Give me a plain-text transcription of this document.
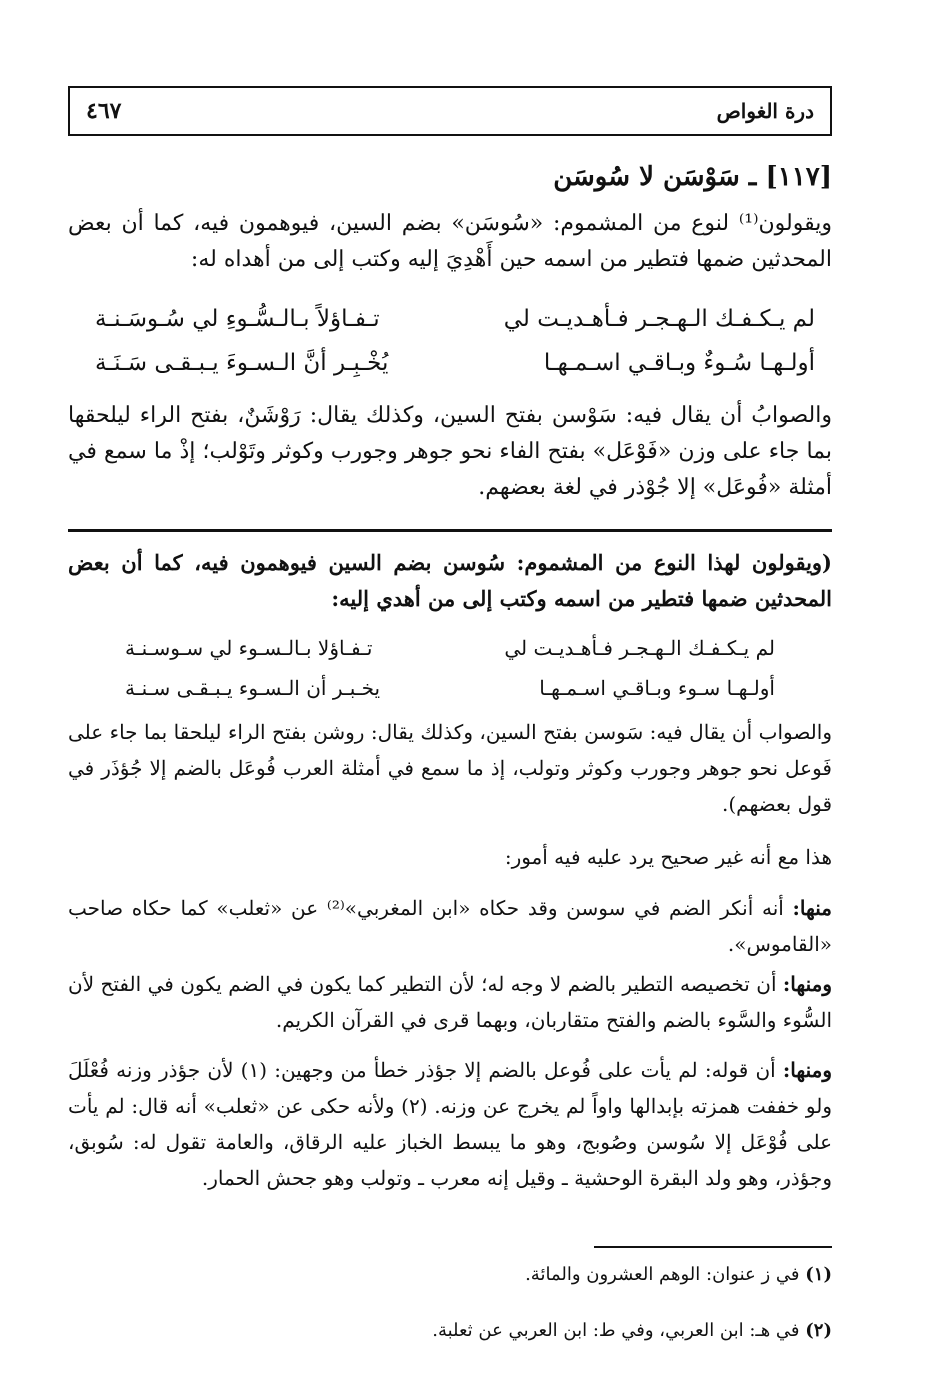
درة الغواص
٤٦٧
[١١٧] ـ سَوْسَن لا سُوسَن
ويقولون⁽¹⁾ لنوع من المشموم: «سُوسَن» بضم السين، فيوهمون فيه، كما أن بعض المحدثين ضمها فتطير من اسمه حين أَهْدِيَ إليه وكتب إلى من أهداه له:
لم يـكـفـك الـهـجـر فـأهـديـت لي
تـفـاؤلاً بـالـسُّـوءِ لي سُـوسَـنـة
أولـهـا سُـوءٌ وبـاقـي اسـمـهـا
يُخْـبِـر أنَّ الـسـوءَ يـبـقـى سَـنَـة
والصوابُ أن يقال فيه: سَوْسن بفتح السين، وكذلك يقال: رَوْشَنٌ، بفتح الراء ليلحقها بما جاء على وزن «فَوْعَل» بفتح الفاء نحو جوهر وجورب وكوثر وتَوْلب؛ إذْ ما سمع في أمثلة «فُوعَل» إلا جُوْذر في لغة بعضهم.
(ويقولون لهذا النوع من المشموم: سُوسن بضم السين فيوهمون فيه، كما أن بعض المحدثين ضمها فتطير من اسمه وكتب إلى من أهدي إليه:
لم يـكـفـك الـهـجـر فـأهـديـت لي
تـفـاؤلا بـالـسـوء لي سـوسـنـة
أولـهـا سـوء وبـاقـي اسـمـهـا
يخـبـر أن الـسـوء يـبـقـى سـنـة
والصواب أن يقال فيه: سَوسن بفتح السين، وكذلك يقال: روشن بفتح الراء ليلحقا بما جاء على فَوعل نحو جوهر وجورب وكوثر وتولب، إذ ما سمع في أمثلة العرب فُوعَل بالضم إلا جُؤذَر في قول بعضهم).
هذا مع أنه غير صحيح يرد عليه فيه أمور:
منها: أنه أنكر الضم في سوسن وقد حكاه «ابن المغربي»⁽²⁾ عن «ثعلب» كما حكاه صاحب «القاموس».
ومنها: أن تخصيصه التطير بالضم لا وجه له؛ لأن التطير كما يكون في الضم يكون في الفتح لأن السُّوء والسَّوء بالضم والفتح متقاربان، وبهما قرى في القرآن الكريم.
ومنها: أن قوله: لم يأت على فُوعل بالضم إلا جؤذر خطأ من وجهين: (١) لأن جؤذر وزنه فُعْلَلَ ولو خففت همزته بإبدالها واواً لم يخرج عن وزنه. (٢) ولأنه حكى عن «ثعلب» أنه قال: لم يأت على فُوْعَل إلا سُوسن وصُوبج، وهو ما يبسط الخباز عليه الرقاق، والعامة تقول له: سُوبق، وجؤذر، وهو ولد البقرة الوحشية ـ وقيل إنه معرب ـ وتولب وهو جحش الحمار.
(١) في ز عنوان: الوهم العشرون والمائة.
(٢) في هـ: ابن العربي، وفي ط: ابن العربي عن ثعلبة.
